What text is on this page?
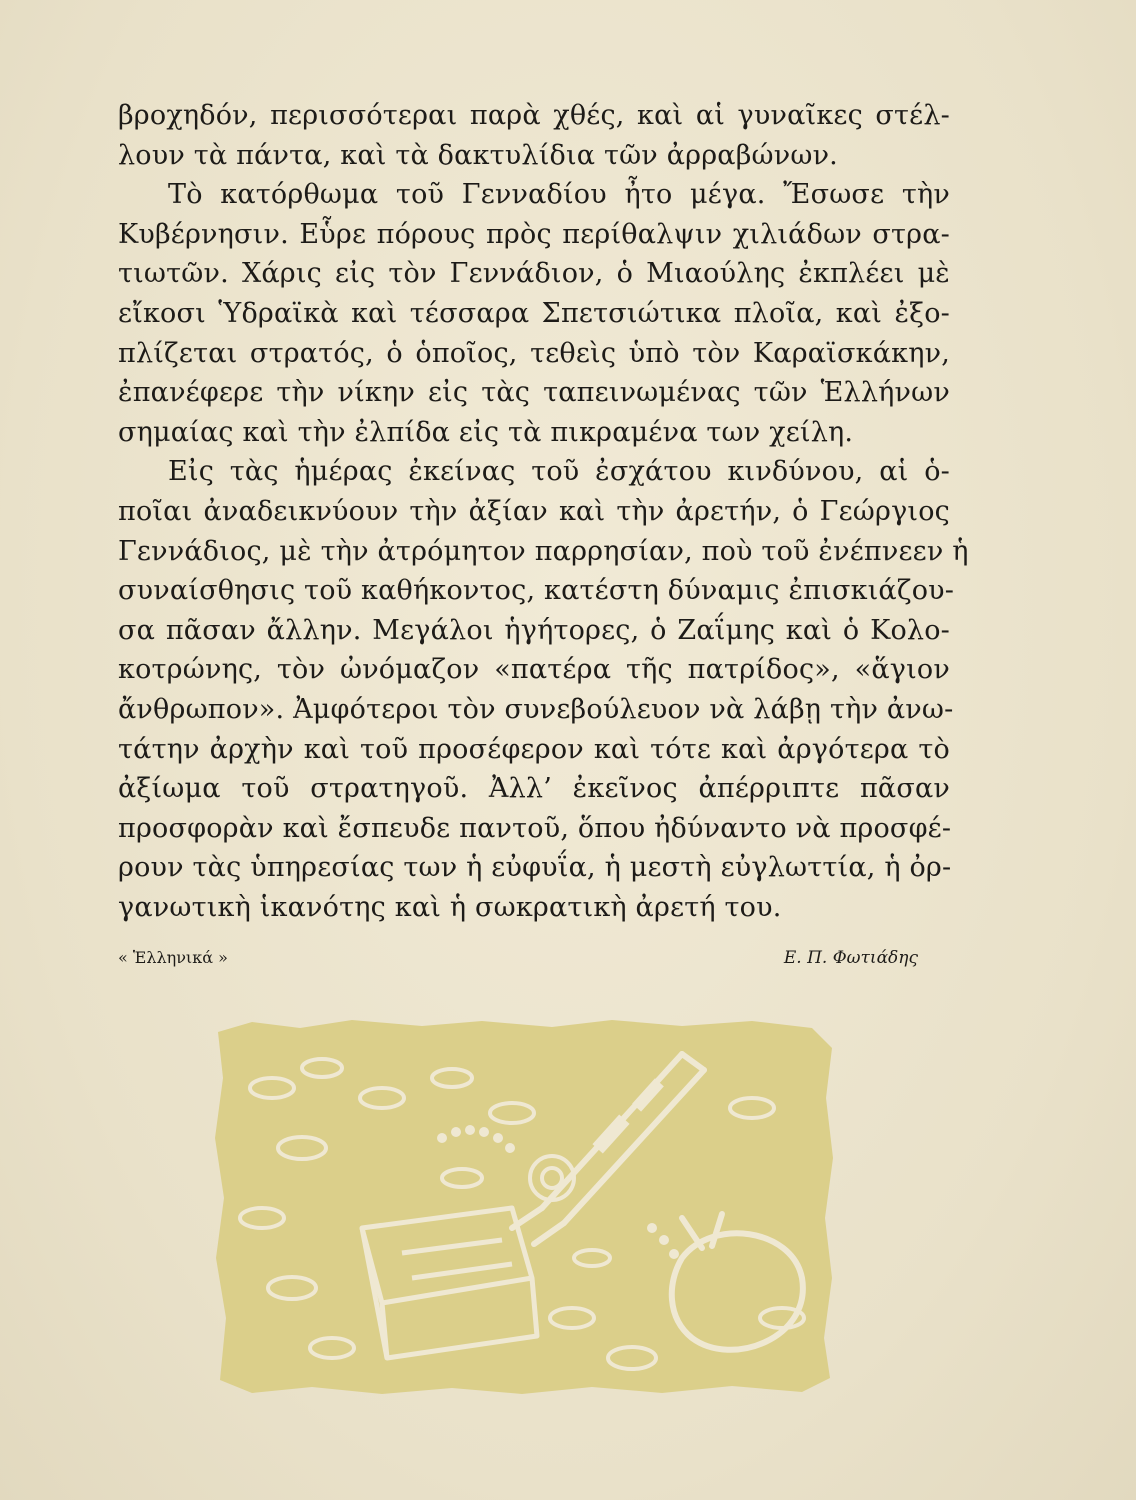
βροχηδόν, περισσότεραι παρὰ χθές, καὶ αἱ γυναῖκες στέλ-
λουν τὰ πάντα, καὶ τὰ δακτυλίδια τῶν ἀρραβώνων.
Τὸ κατόρθωμα τοῦ Γενναδίου ἦτο μέγα. Ἔσωσε τὴν
Κυβέρνησιν. Εὗρε πόρους πρὸς περίθαλψιν χιλιάδων στρα-
τιωτῶν. Χάρις εἰς τὸν Γεννάδιον, ὁ Μιαούλης ἐκπλέει μὲ
εἴκοσι Ὑδραϊκὰ καὶ τέσσαρα Σπετσιώτικα πλοῖα, καὶ ἐξο-
πλίζεται στρατός, ὁ ὁποῖος, τεθεὶς ὑπὸ τὸν Καραϊσκάκην,
ἐπανέφερε τὴν νίκην εἰς τὰς ταπεινωμένας τῶν Ἑλλήνων
σημαίας καὶ τὴν ἐλπίδα εἰς τὰ πικραμένα των χείλη.
Εἰς τὰς ἡμέρας ἐκείνας τοῦ ἐσχάτου κινδύνου, αἱ ὁ-
ποῖαι ἀναδεικνύουν τὴν ἀξίαν καὶ τὴν ἀρετήν, ὁ Γεώργιος
Γεννάδιος, μὲ τὴν ἀτρόμητον παρρησίαν, ποὺ τοῦ ἐνέπνεεν ἡ
συναίσθησις τοῦ καθήκοντος, κατέστη δύναμις ἐπισκιάζου-
σα πᾶσαν ἄλλην. Μεγάλοι ἡγήτορες, ὁ Ζαΐμης καὶ ὁ Κολο-
κοτρώνης, τὸν ὠνόμαζον «πατέρα τῆς πατρίδος», «ἅγιον
ἄνθρωπον». Ἀμφότεροι τὸν συνεβούλευον νὰ λάβῃ τὴν ἀνω-
τάτην ἀρχὴν καὶ τοῦ προσέφερον καὶ τότε καὶ ἀργότερα τὸ
ἀξίωμα τοῦ στρατηγοῦ. Ἀλλ’ ἐκεῖνος ἀπέρριπτε πᾶσαν
προσφορὰν καὶ ἔσπευδε παντοῦ, ὅπου ἠδύναντο νὰ προσφέ-
ρουν τὰς ὑπηρεσίας των ἡ εὐφυΐα, ἡ μεστὴ εὐγλωττία, ἡ ὀρ-
γανωτικὴ ἱκανότης καὶ ἡ σωκρατικὴ ἀρετή του.
« Ἑλληνικά »	Ε. Π. Φωτιάδης
